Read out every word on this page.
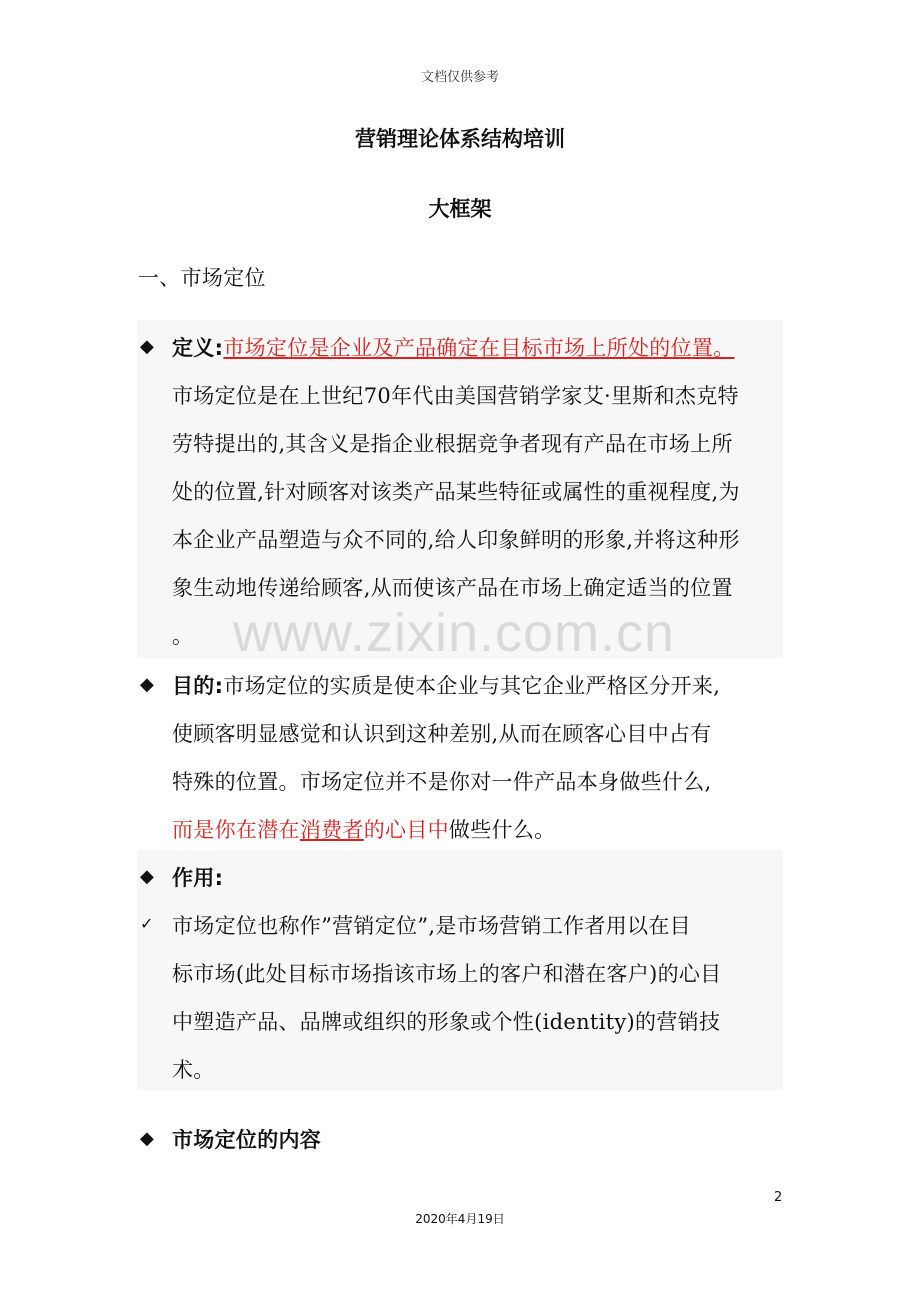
文档仅供参考
营销理论体系结构培训
大框架
一、市场定位
www.zixin.com.cn
◆ 定义:市场定位是企业及产品确定在目标市场上所处的位置。
市场定位是在上世纪70年代由美国营销学家艾·里斯和杰克特
劳特提出的,其含义是指企业根据竞争者现有产品在市场上所
处的位置,针对顾客对该类产品某些特征或属性的重视程度,为
本企业产品塑造与众不同的,给人印象鲜明的形象,并将这种形
象生动地传递给顾客,从而使该产品在市场上确定适当的位置
。
◆ 目的:市场定位的实质是使本企业与其它企业严格区分开来,
使顾客明显感觉和认识到这种差别,从而在顾客心目中占有
特殊的位置。市场定位并不是你对一件产品本身做些什么,
而是你在潜在消费者的心目中做些什么。
◆ 作用:
✓ 市场定位也称作”营销定位”,是市场营销工作者用以在目
标市场(此处目标市场指该市场上的客户和潜在客户)的心目
中塑造产品、品牌或组织的形象或个性(identity)的营销技
术。
◆ 市场定位的内容
2
2020年4月19日
